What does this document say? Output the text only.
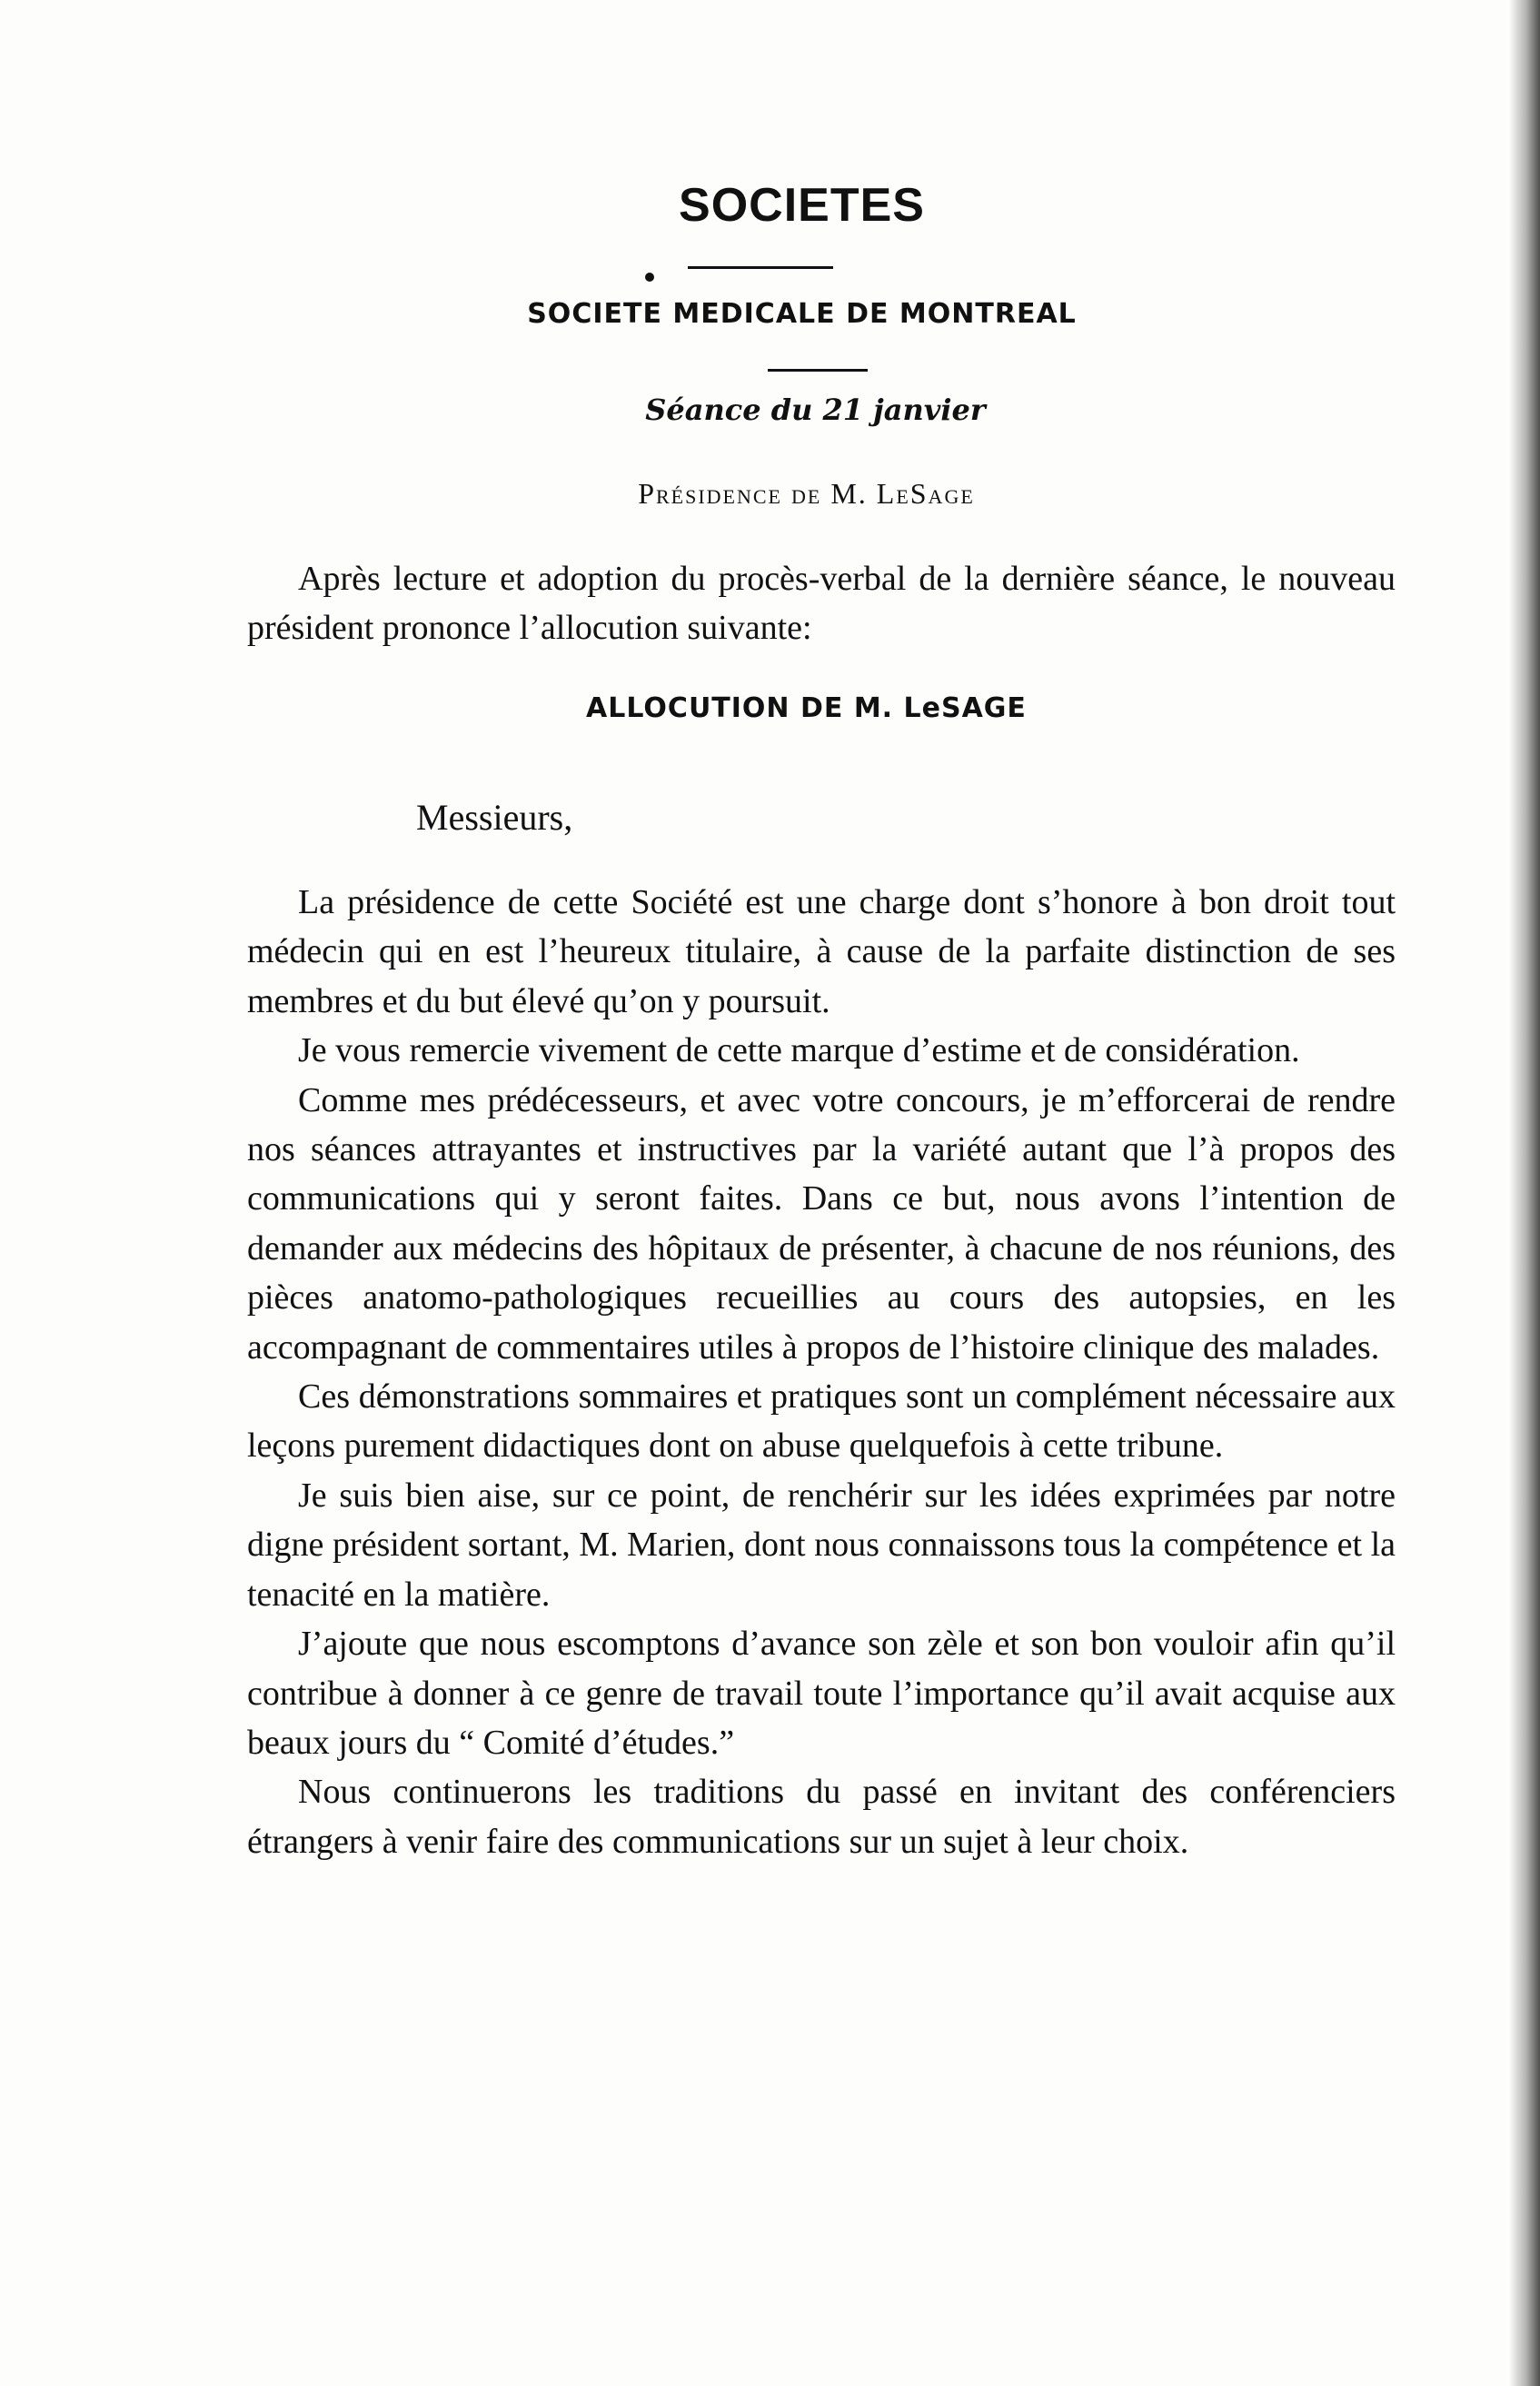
SOCIETES
SOCIETE MEDICALE DE MONTREAL
Séance du 21 janvier
Présidence de M. LeSage

Après lecture et adoption du procès-verbal de la dernière séance, le nouveau président prononce l’allocution suivante:

ALLOCUTION DE M. LeSAGE
Messieurs,

La présidence de cette Société est une charge dont s’honore à bon droit tout médecin qui en est l’heureux titulaire, à cause de la parfaite distinction de ses membres et du but élevé qu’on y poursuit.

Je vous remercie vivement de cette marque d’estime et de considération.

Comme mes prédécesseurs, et avec votre concours, je m’efforcerai de rendre nos séances attrayantes et instructives par la variété autant que l’à propos des communications qui y seront faites. Dans ce but, nous avons l’intention de demander aux médecins des hôpitaux de présenter, à chacune de nos réunions, des pièces anatomo-pathologiques recueillies au cours des autopsies, en les accompagnant de commentaires utiles à propos de l’histoire clinique des malades.

Ces démonstrations sommaires et pratiques sont un complément nécessaire aux leçons purement didactiques dont on abuse quelquefois à cette tribune.

Je suis bien aise, sur ce point, de renchérir sur les idées exprimées par notre digne président sortant, M. Marien, dont nous connaissons tous la compétence et la tenacité en la matière.

J’ajoute que nous escomptons d’avance son zèle et son bon vouloir afin qu’il contribue à donner à ce genre de travail toute l’importance qu’il avait acquise aux beaux jours du “ Comité d’études.”

Nous continuerons les traditions du passé en invitant des conférenciers étrangers à venir faire des communications sur un sujet à leur choix.
